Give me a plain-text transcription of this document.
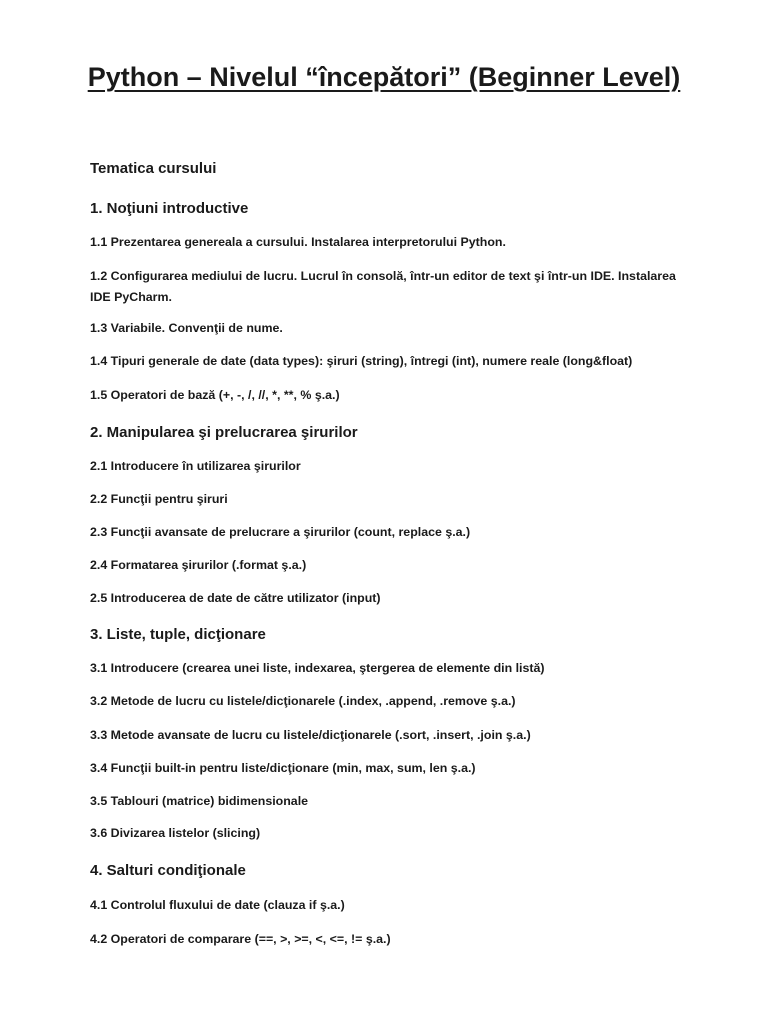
Python – Nivelul “începători” (Beginner Level)
Tematica cursului
1. Noţiuni introductive
1.1 Prezentarea genereala a cursului. Instalarea interpretorului Python.
1.2 Configurarea mediului de lucru. Lucrul în consolă, într-un editor de text şi într-un IDE. Instalarea IDE PyCharm.
1.3 Variabile. Convenţii de nume.
1.4 Tipuri generale de date (data types): şiruri (string), întregi (int), numere reale (long&float)
1.5 Operatori de bază (+, -, /, //, *, **, % ş.a.)
2. Manipularea şi prelucrarea şirurilor
2.1 Introducere în utilizarea şirurilor
2.2 Funcţii pentru şiruri
2.3 Funcţii avansate de prelucrare a şirurilor (count, replace ş.a.)
2.4 Formatarea şirurilor (.format ş.a.)
2.5 Introducerea de date de către utilizator (input)
3. Liste, tuple, dicţionare
3.1 Introducere (crearea unei liste, indexarea, ştergerea de elemente din listă)
3.2 Metode de lucru cu listele/dicţionarele (.index, .append, .remove ş.a.)
3.3 Metode avansate de lucru cu listele/dicţionarele (.sort, .insert, .join ş.a.)
3.4 Funcţii built-in pentru liste/dicţionare (min, max, sum, len ş.a.)
3.5 Tablouri (matrice) bidimensionale
3.6 Divizarea listelor (slicing)
4. Salturi condiţionale
4.1 Controlul fluxului de date (clauza if ş.a.)
4.2 Operatori de comparare (==, >, >=, <, <=, != ş.a.)
